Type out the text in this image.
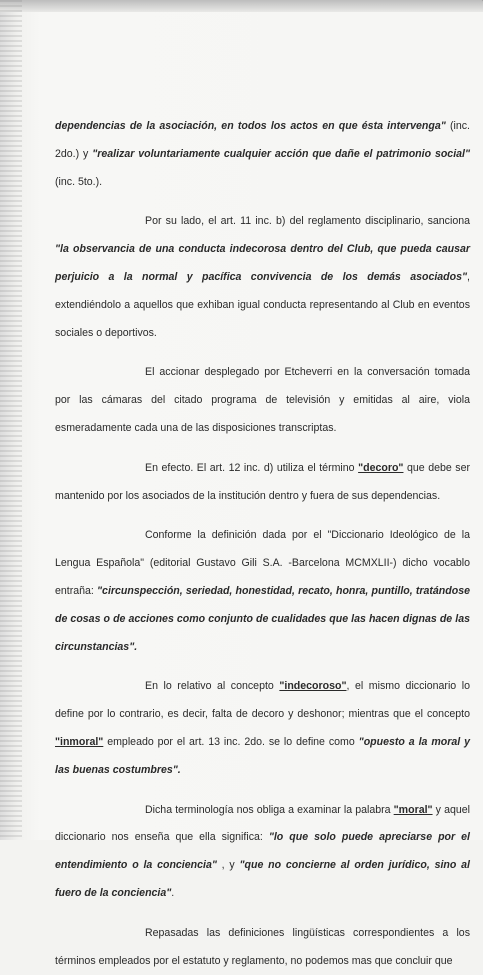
dependencias de la asociación, en todos los actos en que ésta intervenga" (inc. 2do.) y "realizar voluntariamente cualquier acción que dañe el patrimonio social" (inc. 5to.).

Por su lado, el art. 11 inc. b) del reglamento disciplinario, sanciona "la observancia de una conducta indecorosa dentro del Club, que pueda causar perjuicio a la normal y pacífica convivencia de los demás asociados", extendiéndolo a aquellos que exhiban igual conducta representando al Club en eventos sociales o deportivos.

El accionar desplegado por Etcheverri en la conversación tomada por las cámaras del citado programa de televisión y emitidas al aire, viola esmeradamente cada una de las disposiciones transcriptas.

En efecto. El art. 12 inc. d) utiliza el término "decoro" que debe ser mantenido por los asociados de la institución dentro y fuera de sus dependencias.

Conforme la definición dada por el "Diccionario Ideológico de la Lengua Española" (editorial Gustavo Gili S.A. -Barcelona MCMXLII-) dicho vocablo entraña: "circunspección, seriedad, honestidad, recato, honra, puntillo, tratándose de cosas o de acciones como conjunto de cualidades que las hacen dignas de las circunstancias".

En lo relativo al concepto "indecoroso", el mismo diccionario lo define por lo contrario, es decir, falta de decoro y deshonor; mientras que el concepto "inmoral" empleado por el art. 13 inc. 2do. se lo define como "opuesto a la moral y las buenas costumbres".

Dicha terminología nos obliga a examinar la palabra "moral" y aquel diccionario nos enseña que ella significa: "lo que solo puede apreciarse por el entendimiento o la conciencia" , y "que no concierne al orden jurídico, sino al fuero de la conciencia".

Repasadas las definiciones lingüísticas correspondientes a los términos empleados por el estatuto y reglamento, no podemos mas que concluir que
